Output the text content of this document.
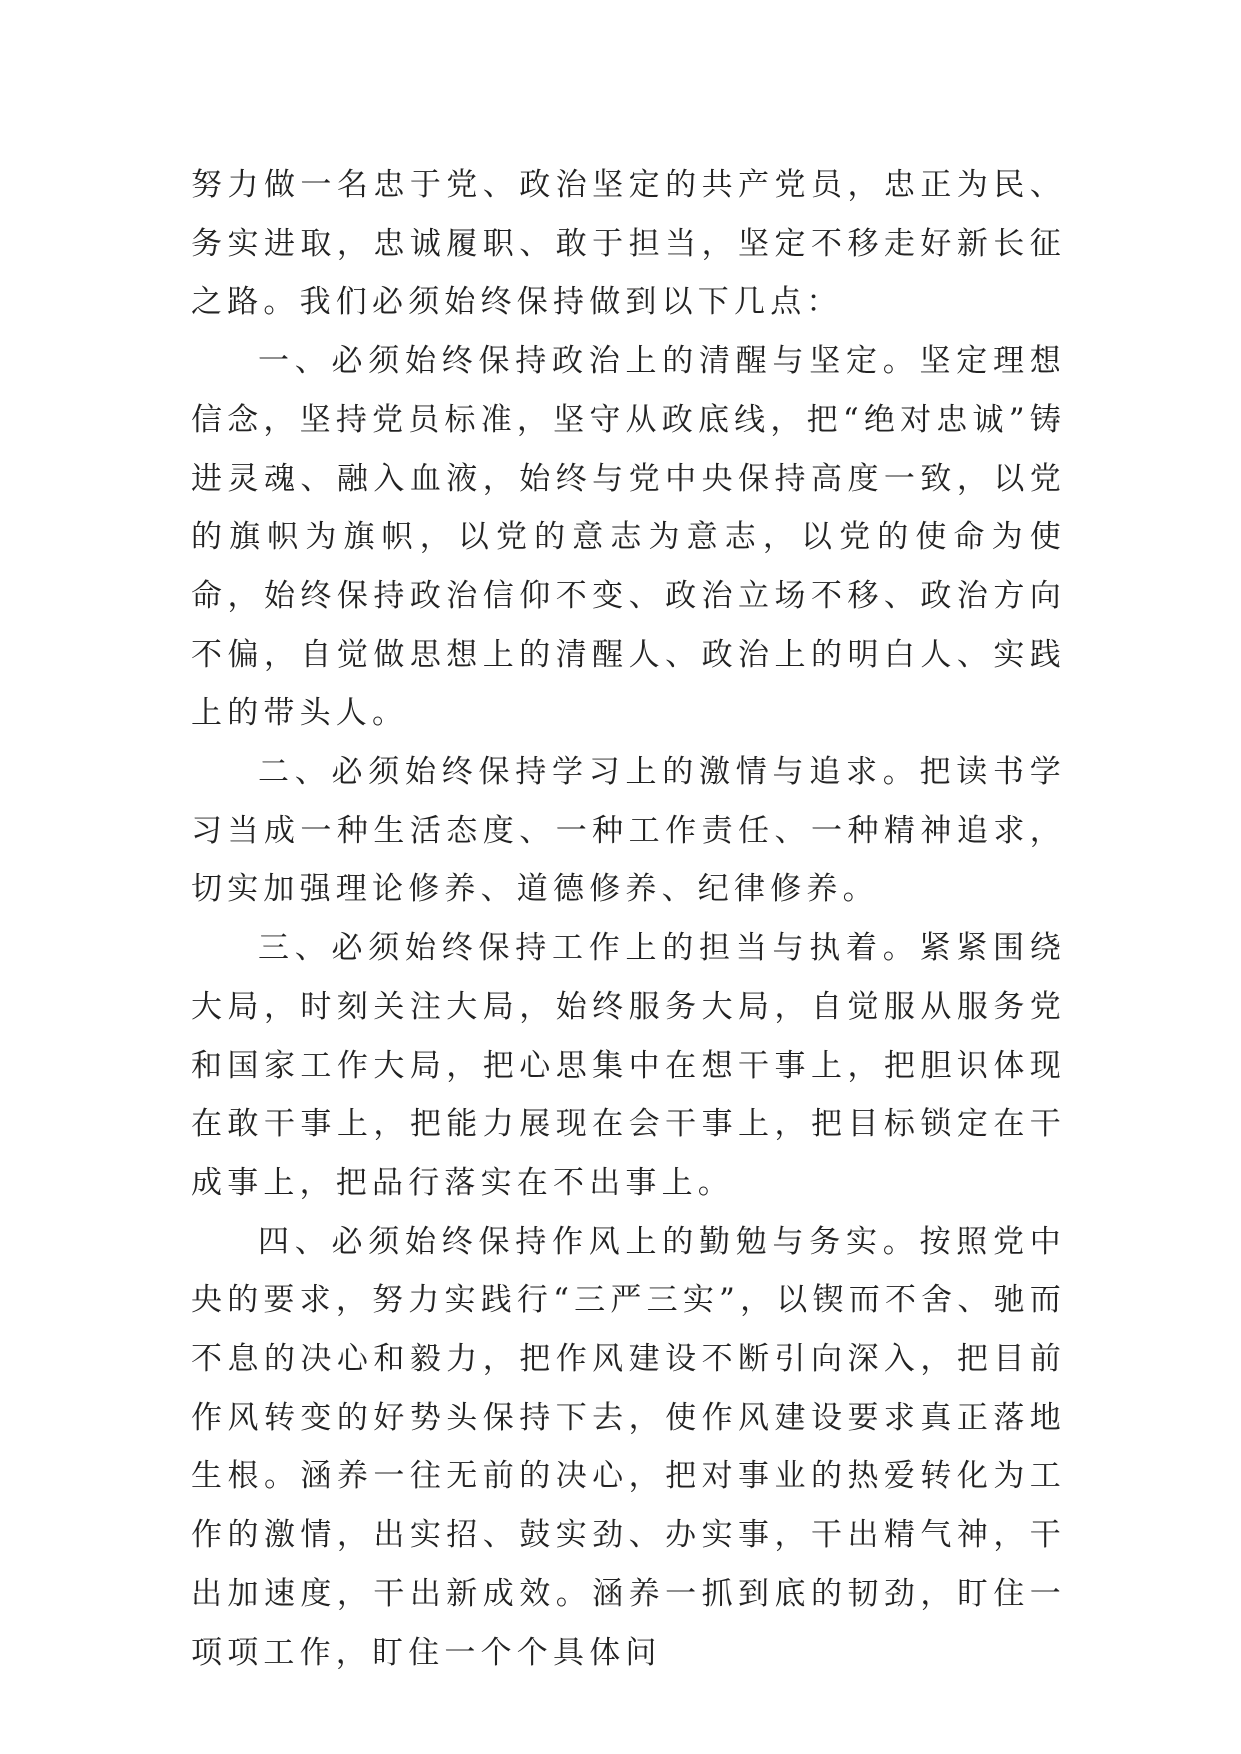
努力做一名忠于党、政治坚定的共产党员，忠正为民、务实进取，忠诚履职、敢于担当，坚定不移走好新长征之路。我们必须始终保持做到以下几点：

一、必须始终保持政治上的清醒与坚定。坚定理想信念，坚持党员标准，坚守从政底线，把“绝对忠诚”铸进灵魂、融入血液，始终与党中央保持高度一致，以党的旗帜为旗帜，以党的意志为意志，以党的使命为使命，始终保持政治信仰不变、政治立场不移、政治方向不偏，自觉做思想上的清醒人、政治上的明白人、实践上的带头人。

二、必须始终保持学习上的激情与追求。把读书学习当成一种生活态度、一种工作责任、一种精神追求，切实加强理论修养、道德修养、纪律修养。

三、必须始终保持工作上的担当与执着。紧紧围绕大局，时刻关注大局，始终服务大局，自觉服从服务党和国家工作大局，把心思集中在想干事上，把胆识体现在敢干事上，把能力展现在会干事上，把目标锁定在干成事上，把品行落实在不出事上。

四、必须始终保持作风上的勤勉与务实。按照党中央的要求，努力实践行“三严三实”，以锲而不舍、驰而不息的决心和毅力，把作风建设不断引向深入，把目前作风转变的好势头保持下去，使作风建设要求真正落地生根。涵养一往无前的决心，把对事业的热爱转化为工作的激情，出实招、鼓实劲、办实事，干出精气神，干出加速度，干出新成效。涵养一抓到底的韧劲，盯住一项项工作，盯住一个个具体问
